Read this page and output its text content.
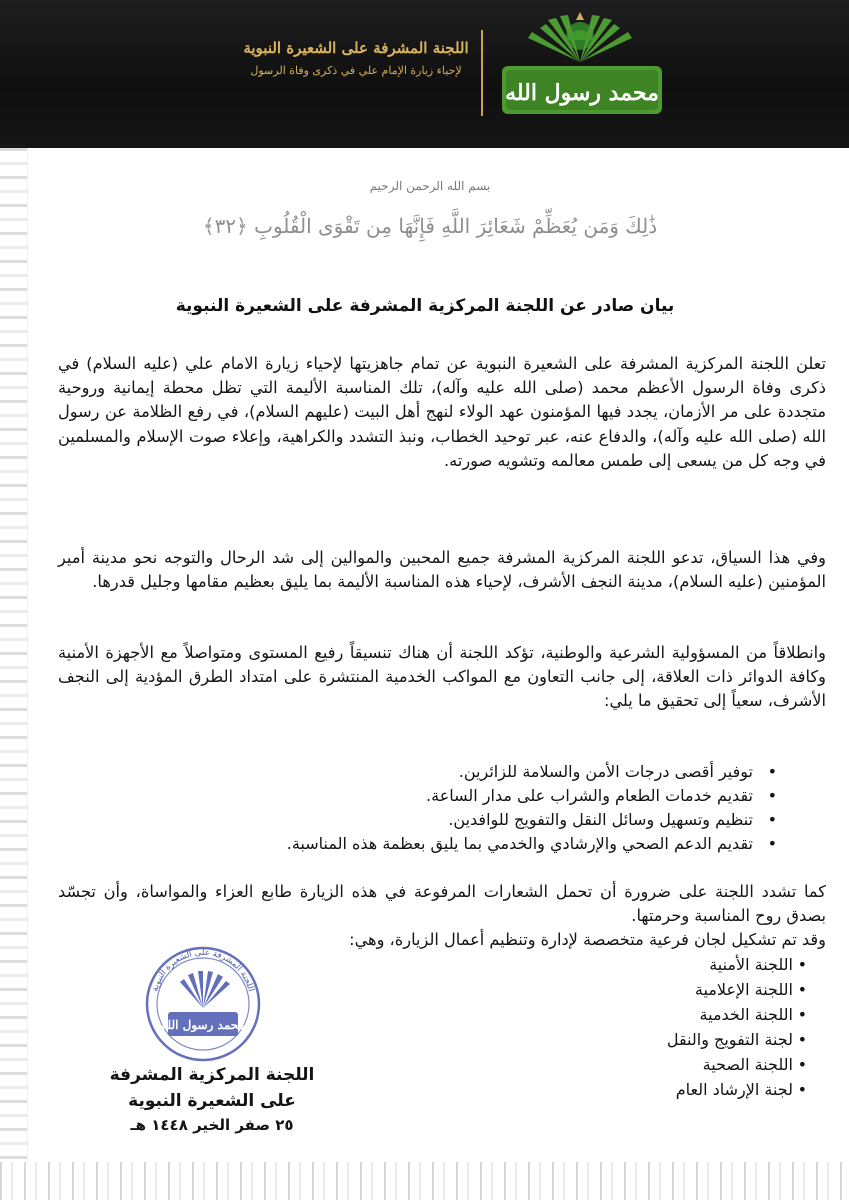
محمد رسول الله
اللجنة المشرفة على الشعيرة النبوية
لإحياء زيارة الإمام علي في ذكرى وفاة الرسول
بسم الله الرحمن الرحيم
ذَٰلِكَ وَمَن يُعَظِّمْ شَعَائِرَ اللَّهِ فَإِنَّهَا مِن تَقْوَى الْقُلُوبِ ﴿٣٢﴾
بيان صادر عن اللجنة المركزية المشرفة على الشعيرة النبوية

تعلن اللجنة المركزية المشرفة على الشعيرة النبوية عن تمام جاهزيتها لإحياء زيارة الامام علي (عليه السلام) في ذكرى وفاة الرسول الأعظم محمد (صلى الله عليه وآله)، تلك المناسبة الأليمة التي تظل محطة إيمانية وروحية متجددة على مر الأزمان، يجدد فيها المؤمنون عهد الولاء لنهج أهل البيت (عليهم السلام)، في رفع الظلامة عن رسول الله (صلى الله عليه وآله)، والدفاع عنه، عبر توحيد الخطاب، ونبذ التشدد والكراهية، وإعلاء صوت الإسلام والمسلمين في وجه كل من يسعى إلى طمس معالمه وتشويه صورته.

وفي هذا السياق، تدعو اللجنة المركزية المشرفة جميع المحبين والموالين إلى شد الرحال والتوجه نحو مدينة أمير المؤمنين (عليه السلام)، مدينة النجف الأشرف، لإحياء هذه المناسبة الأليمة بما يليق بعظيم مقامها وجليل قدرها.

وانطلاقاً من المسؤولية الشرعية والوطنية، تؤكد اللجنة أن هناك تنسيقاً رفيع المستوى ومتواصلاً مع الأجهزة الأمنية وكافة الدوائر ذات العلاقة، إلى جانب التعاون مع المواكب الخدمية المنتشرة على امتداد الطرق المؤدية إلى النجف الأشرف، سعياً إلى تحقيق ما يلي:

• توفير أقصى درجات الأمن والسلامة للزائرين.
• تقديم خدمات الطعام والشراب على مدار الساعة.
• تنظيم وتسهيل وسائل النقل والتفويج للوافدين.
• تقديم الدعم الصحي والإرشادي والخدمي بما يليق بعظمة هذه المناسبة.
كما تشدد اللجنة على ضرورة أن تحمل الشعارات المرفوعة في هذه الزيارة طابع العزاء والمواساة، وأن تجسّد بصدق روح المناسبة وحرمتها.
وقد تم تشكيل لجان فرعية متخصصة لإدارة وتنظيم أعمال الزيارة، وهي:
• اللجنة الأمنية
• اللجنة الإعلامية
• اللجنة الخدمية
• لجنة التفويج والنقل
• اللجنة الصحية
• لجنة الإرشاد العام
محمد رسول الله
اللجنة المشرفة على الشعيرة النبوية
اللجنة المركزية المشرفة
على الشعيرة النبوية
٢٥ صفر الخير ١٤٤٨ هـ
